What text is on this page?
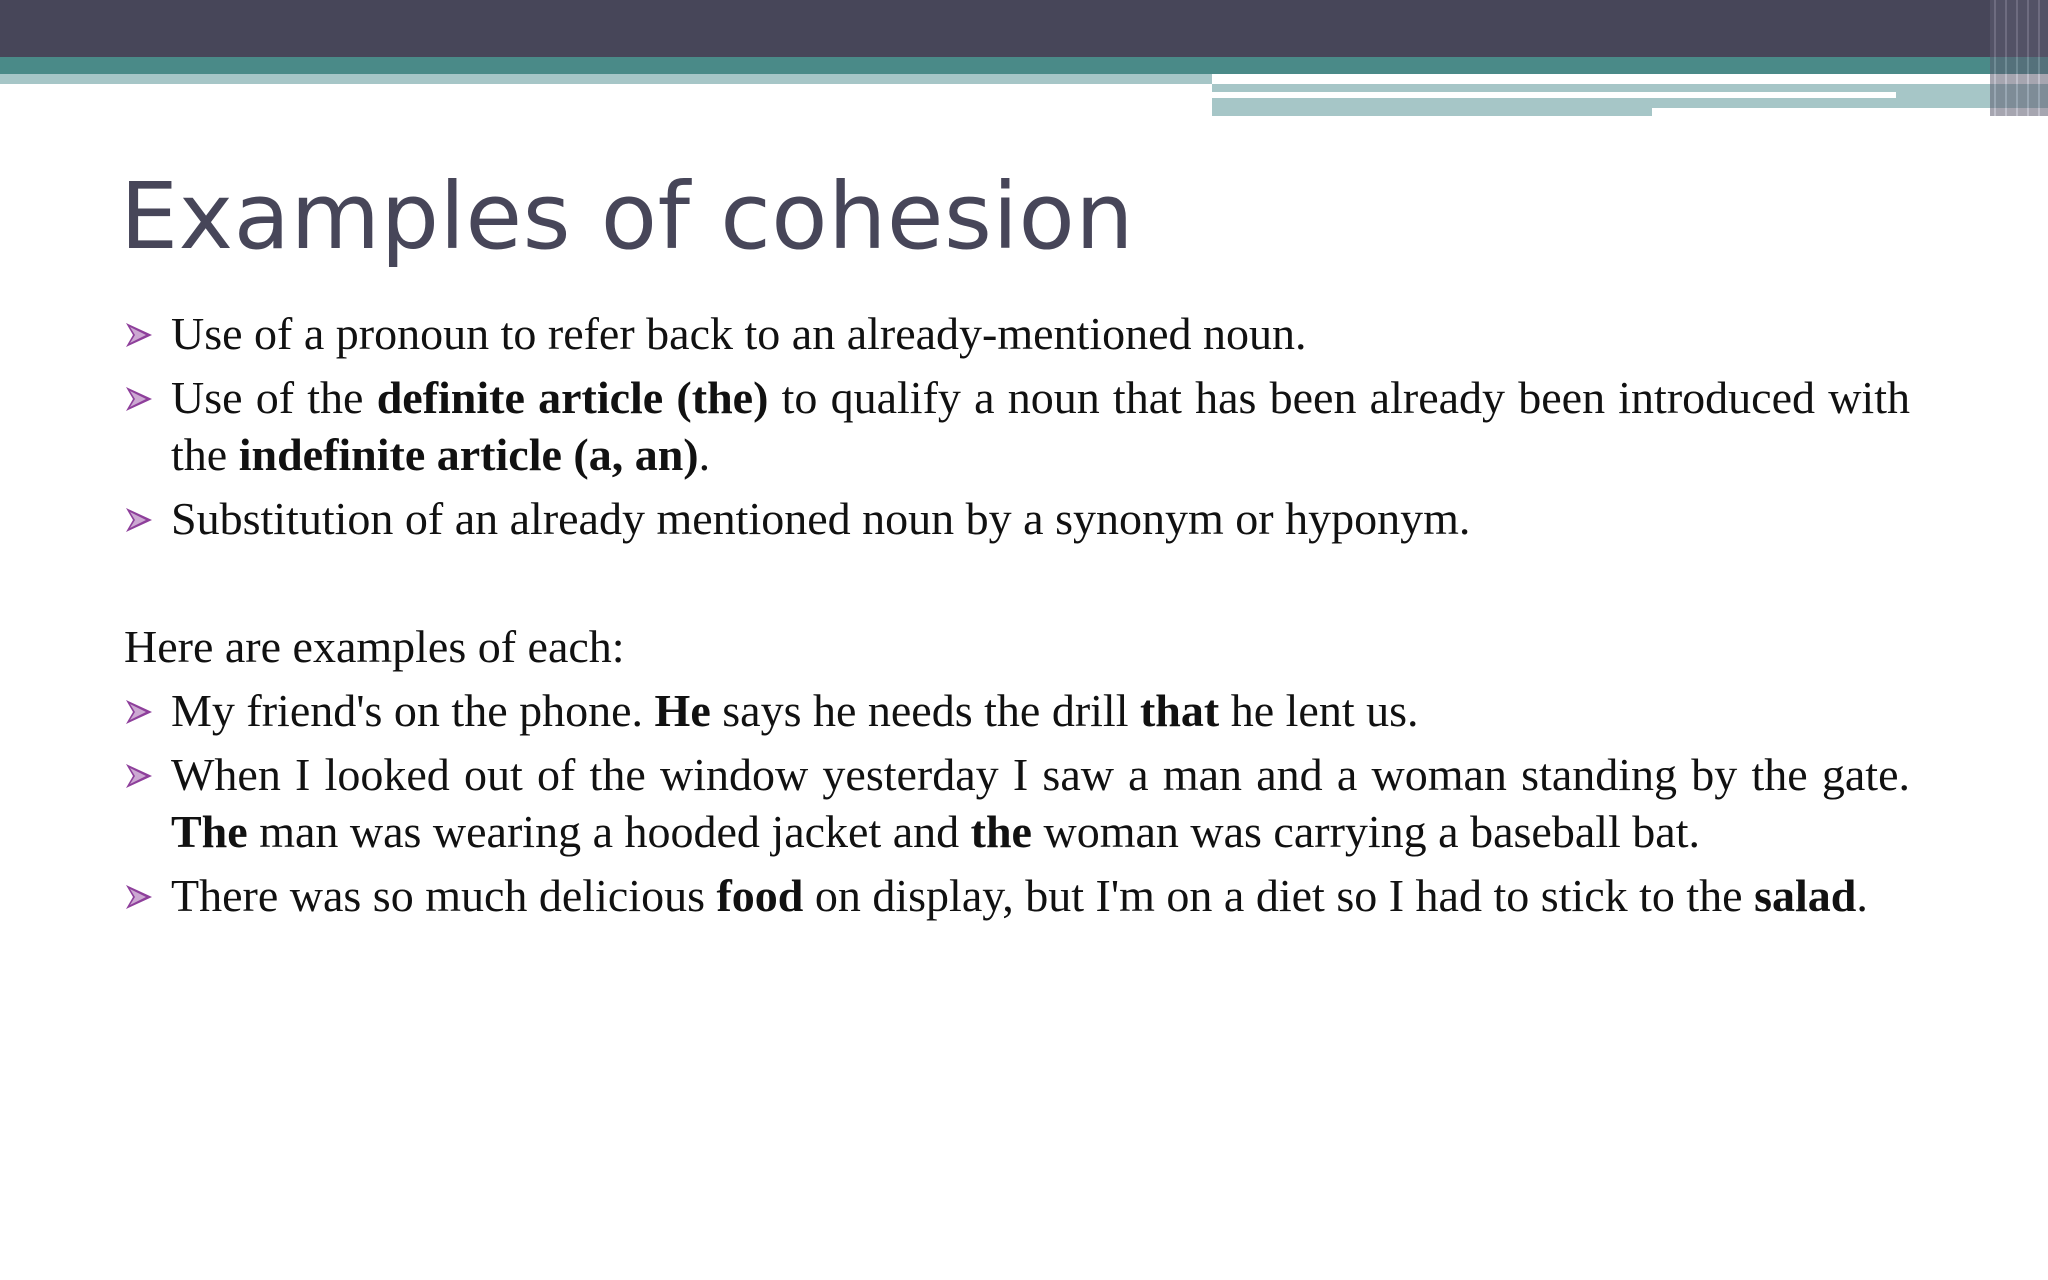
Examples of cohesion

Use of a pronoun to refer back to an already-mentioned noun.

Use of the definite article (the) to qualify a noun that has been already been introduced with the indefinite article (a, an).

Substitution of an already mentioned noun by a synonym or hyponym.

Here are examples of each:

My friend's on the phone. He says he needs the drill that he lent us.

When I looked out of the window yesterday I saw a man and a woman standing by the gate. The man was wearing a hooded jacket and the woman was carrying a baseball bat.

There was so much delicious food on display, but I'm on a diet so I had to stick to the salad.
